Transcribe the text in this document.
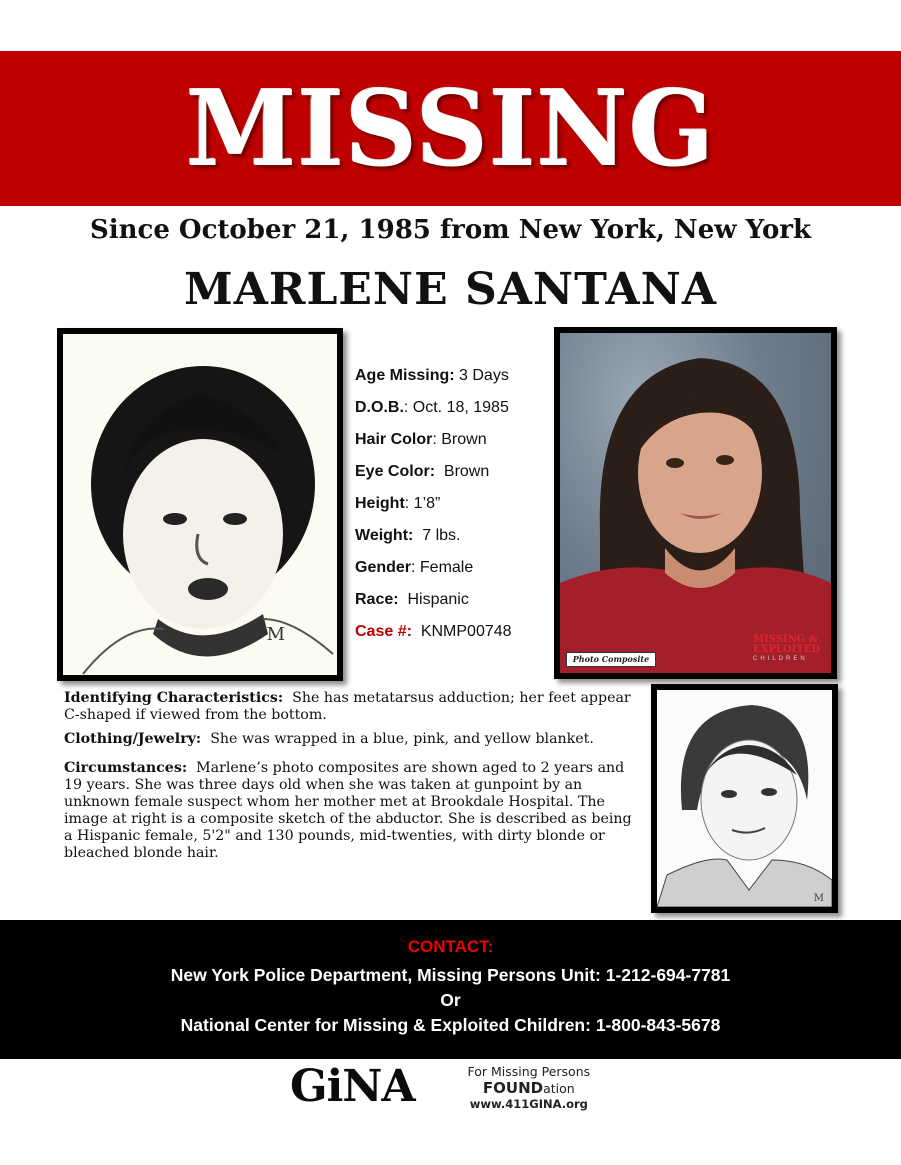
MISSING
Since October 21, 1985 from New York, New York
MARLENE SANTANA
M
Age Missing: 3 Days
D.O.B.: Oct. 18, 1985
Hair Color: Brown
Eye Color: Brown
Height: 1’8”
Weight: 7 lbs.
Gender: Female
Race: Hispanic
Case #: KNMP00748
Photo Composite
MISSING &
EXPLOITED
CHILDREN

Identifying Characteristics: She has metatarsus adduction; her feet appear C-shaped if viewed from the bottom.

Clothing/Jewelry: She was wrapped in a blue, pink, and yellow blanket.

Circumstances: Marlene’s photo composites are shown aged to 2 years and 19 years. She was three days old when she was taken at gunpoint by an unknown female suspect whom her mother met at Brookdale Hospital. The image at right is a composite sketch of the abductor. She is described as being a Hispanic female, 5'2" and 130 pounds, mid-twenties, with dirty blonde or bleached blonde hair.

M
CONTACT:
New York Police Department, Missing Persons Unit: 1-212-694-7781
Or
National Center for Missing & Exploited Children: 1-800-843-5678
GiNA	For Missing Persons FOUNDation
www.411GINA.org
